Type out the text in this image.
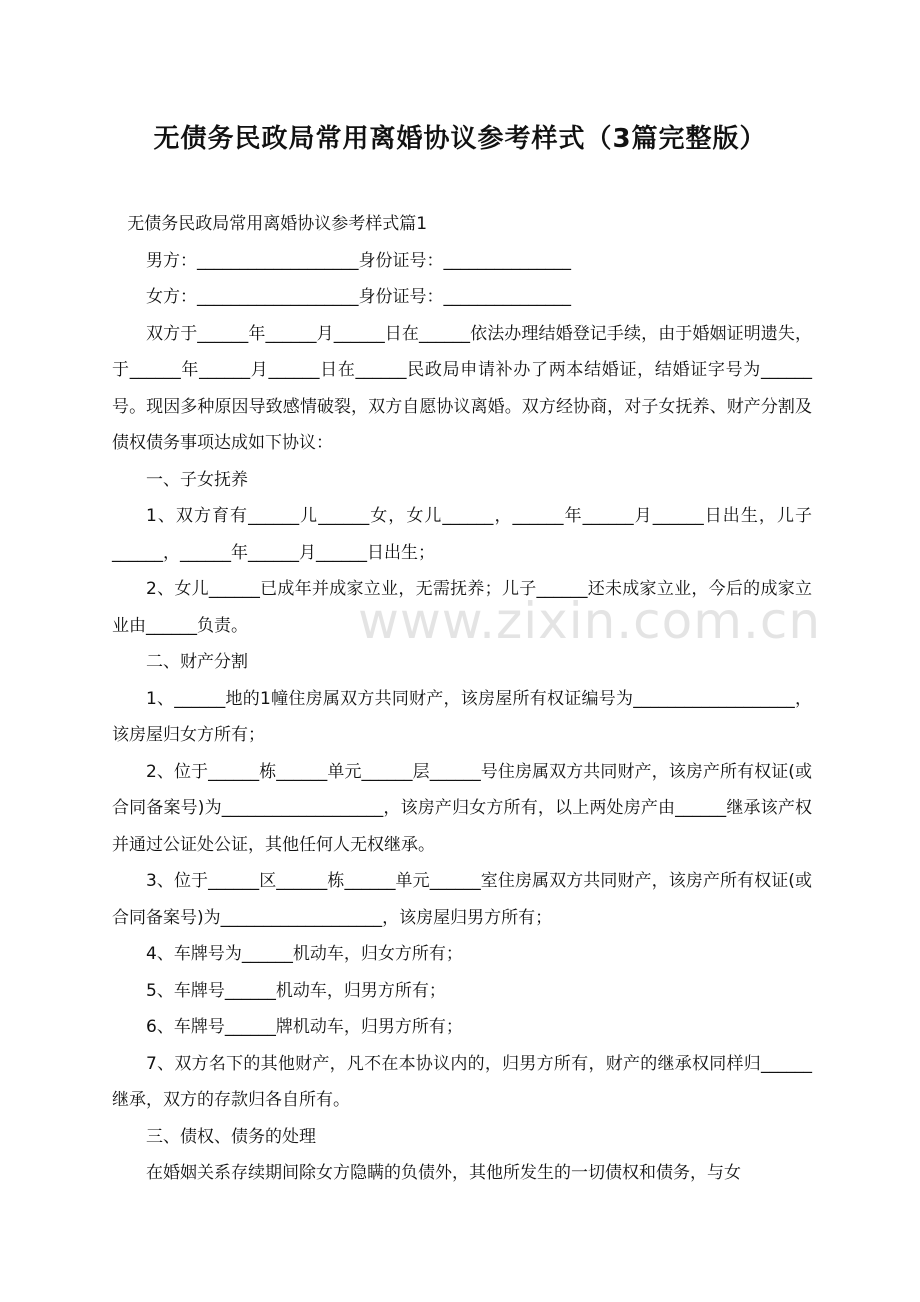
无债务民政局常用离婚协议参考样式（3篇完整版）

无债务民政局常用离婚协议参考样式篇1

男方：___________________身份证号：_______________

女方：___________________身份证号：_______________

双方于______年______月______日在______依法办理结婚登记手续，由于婚姻证明遗失，于______年______月______日在______民政局申请补办了两本结婚证，结婚证字号为______号。现因多种原因导致感情破裂，双方自愿协议离婚。双方经协商，对子女抚养、财产分割及债权债务事项达成如下协议：

一、子女抚养

1、双方育有______儿______女，女儿______，______年______月______日出生，儿子______，______年______月______日出生；

2、女儿______已成年并成家立业，无需抚养；儿子______还未成家立业，今后的成家立业由______负责。

二、财产分割

1、______地的1幢住房属双方共同财产，该房屋所有权证编号为___________________，该房屋归女方所有；

2、位于______栋______单元______层______号住房属双方共同财产，该房产所有权证(或合同备案号)为___________________，该房产归女方所有，以上两处房产由______继承该产权并通过公证处公证，其他任何人无权继承。

3、位于______区______栋______单元______室住房属双方共同财产，该房产所有权证(或合同备案号)为___________________，该房屋归男方所有；

4、车牌号为______机动车，归女方所有；

5、车牌号______机动车，归男方所有；

6、车牌号______牌机动车，归男方所有；

7、双方名下的其他财产，凡不在本协议内的，归男方所有，财产的继承权同样归______继承，双方的存款归各自所有。

三、债权、债务的处理

在婚姻关系存续期间除女方隐瞒的负债外，其他所发生的一切债权和债务，与女

www.zixin.com.cn
